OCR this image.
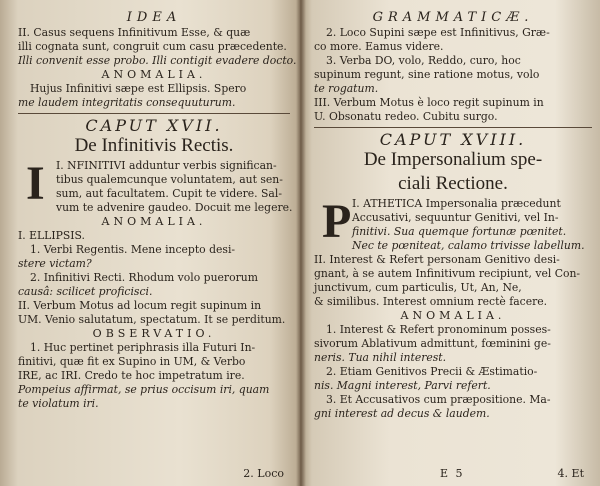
IDEA

II. Casus sequens Infinitivum Esse, & quæ

illi cognata sunt, congruit cum casu præcedente.

Illi convenit esse probo. Illi contigit evadere docto.

ANOMALIA.

Hujus Infinitivi sæpe est Ellipsis. Spero

me laudem integritatis consequuturum.

CAPUT XVII.
De Infinitivis Rectis.
I	I. NFINITIVI adduntur verbis significan-

tibus qualemcunque voluntatem, aut sen-

sum, aut facultatem. Cupit te videre. Sal-

vum te advenire gaudeo. Docuit me legere.

ANOMALIA.

I. ELLIPSIS.

1. Verbi Regentis. Mene incepto desi-

stere victam?

2. Infinitivi Recti. Rhodum volo puerorum

causâ: scilicet proficisci.

II. Verbum Motus ad locum regit supinum in

UM. Venio salutatum, spectatum. It se perditum.

OBSERVATIO.

1. Huc pertinet periphrasis illa Futuri In-

finitivi, quæ fit ex Supino in UM, & Verbo

IRE, ac IRI. Credo te hoc impetratum ire.

Pompeius affirmat, se prius occisum iri, quam

te violatum iri.

2. Loco
GRAMMATICÆ.

2. Loco Supini sæpe est Infinitivus, Græ-

co more. Eamus videre.

3. Verba DO, volo, Reddo, curo, hoc

supinum regunt, sine ratione motus, volo

te rogatum.

III. Verbum Motus è loco regit supinum in

U. Obsonatu redeo. Cubitu surgo.

CAPUT XVIII.
De Impersonalium spe-
ciali Rectione.
P I. ATHETICA Impersonalia præcedunt

Accusativi, sequuntur Genitivi, vel In-

finitivi. Sua quemque fortunæ pœnitet.

Nec te pœniteat, calamo trivisse labellum.

II. Interest & Refert personam Genitivo desi-

gnant, à se autem Infinitivum recipiunt, vel Con-

junctivum, cum particulis, Ut, An, Ne,

& similibus. Interest omnium rectè facere.

ANOMALIA.

1. Interest & Refert pronominum posses-

sivorum Ablativum admittunt, fœminini ge-

neris. Tua nihil interest.

2. Etiam Genitivos Precii & Æstimatio-

nis. Magni interest, Parvi refert.

3. Et Accusativos cum præpositione. Ma-

gni interest ad decus & laudem.

E 5	4. Et
